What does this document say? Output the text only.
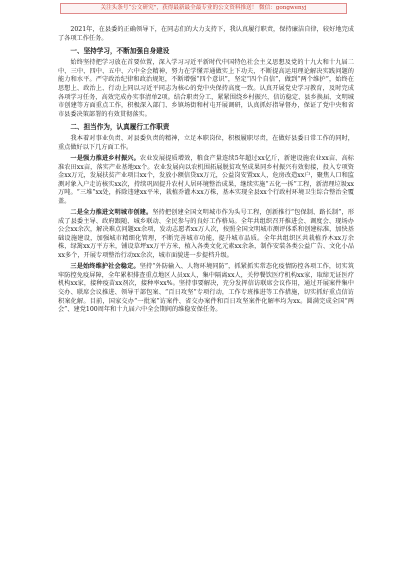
关注头条号“公文研究”，获得最新最全最专业的公文资料推送！ 微信：gongwenyj

2021年，在县委的正确领导下，在同志们的大力支持下，我认真履行职责，保持廉洁自律，较好地完成了各项工作任务。

一、坚持学习，不断加强自身建设

始终坚持把学习放在首要位置，深入学习习近平新时代中国特色社会主义思想及党的十九大和十九届二中、三中、四中、五中、六中全会精神，努力在学懂弄通做实上下功夫，不断提高运用理论解决实践问题的能力和水平。严守政治纪律和政治规矩，不断增强“四个意识”，坚定“四个自信”，做到“两个维护”，始终在思想上、政治上、行动上同以习近平同志为核心的党中央保持高度一致。认真开展党史学习教育，及时完成各项学习任务，高效完成办实事清单2项。结合职责分工，紧紧围绕乡村振兴、信访稳定、县乡换届、文明城市创建等方面重点工作，积极深入部门、乡镇场街和村屯开展调研，认真抓好指导督办，保证了党中央和省市县委决策部署的有效贯彻落实。

二、担当作为，认真履行工作职责

我本着对事业负责、对县委负责的精神，立足本职岗位，积极履职尽责，在做好县委日常工作的同时，重点做好以下几方面工作。

一是强力推进乡村振兴。农业发展提质增效，粮食产量连续5年超过xx亿斤，新建设施农业xx亩、高标准农田xx亩，落实产业基地xx个。农业发展向以农机围拓展脱贫攻坚成果同乡村振兴有效衔接，投入专项资金xx万元，发展扶贫产业项目xx个，发放小额信贷xx万元，公益岗安置xx人，危房改造xx户，聚焦人口和监测对象入户走访核实xx次，持续巩固提升农村人居环境整治成果，继续实施“五化一拆”工程，新清理垃圾xx万吨。“三堆”xx处，拆除违建xx平米，栽植乔灌木xx万株，基本实现全县xx个行政村环境卫生综合整治全覆盖。

二是全力推进文明城市创建。坚持把创建全国文明城市作为头号工程，创新推行“包保制、路长制”，形成了县委主导、政府跟随、城乡联动、全民参与的良好工作格局。全年共组织召开推进会、调度会、现场办公会xx余次，解决难点问题xx余项，发动志愿者xx万人次，按照全国文明城市测评体系和创建标准，加快基础设施建设，加强城市精细化管理，不断完善城市功能，提升城市品质。全年共组织区共栽植乔木xx万余株，绿篱xx万平方米，铺设草坪xx万平方米，植入各类文化元素xx余条，制作安装各类公益广告、文化小品xx多个，开展专项整治行动xx余次，城市面貌进一步提档升级。

三是始终维护社会稳定。坚持“外防输入、人物环境同防”，抓紧抓实常态化疫情防控各项工作，切实筑牢防控免疫屏障，全年累积排查重点地区人员xx人，集中隔离xx人，关停餐饮医疗机构xx家，取缔无证医疗机构xx家，接种疫苗xx剂次，接种率xx%。坚持事要解决，充分发挥信访联席会议作用，通过开展案件集中交办、联席会议推进、领导干部包案、“百日攻坚”专项行动，工作专班推进等工作措施，切实抓好重点信访积案化解。目前，国家交办“一批案”访案件、省交办案件和百日攻坚案件化解率均为xx。圆满完成全国“两会”、建党100周年和十九届六中全会期间的维稳安保任务。
